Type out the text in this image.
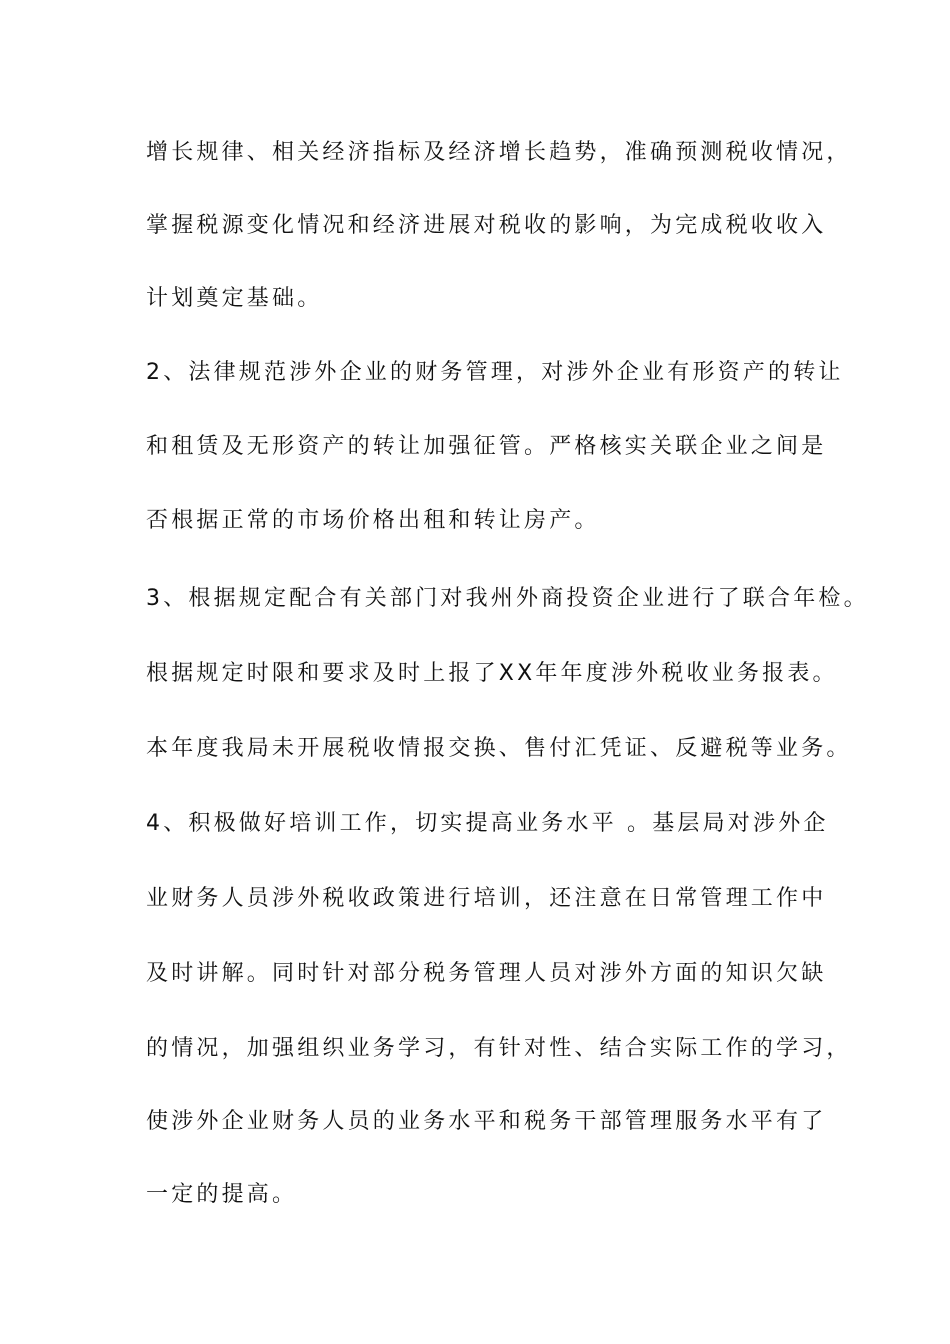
增长规律、相关经济指标及经济增长趋势，准确预测税收情况，
掌握税源变化情况和经济进展对税收的影响，为完成税收收入
计划奠定基础。
2、法律规范涉外企业的财务管理，对涉外企业有形资产的转让
和租赁及无形资产的转让加强征管。严格核实关联企业之间是
否根据正常的市场价格出租和转让房产。
3、根据规定配合有关部门对我州外商投资企业进行了联合年检。
根据规定时限和要求及时上报了XX年年度涉外税收业务报表。
本年度我局未开展税收情报交换、售付汇凭证、反避税等业务。
4、积极做好培训工作，切实提高业务水平 。基层局对涉外企
业财务人员涉外税收政策进行培训，还注意在日常管理工作中
及时讲解。同时针对部分税务管理人员对涉外方面的知识欠缺
的情况，加强组织业务学习，有针对性、结合实际工作的学习，
使涉外企业财务人员的业务水平和税务干部管理服务水平有了
一定的提高。
